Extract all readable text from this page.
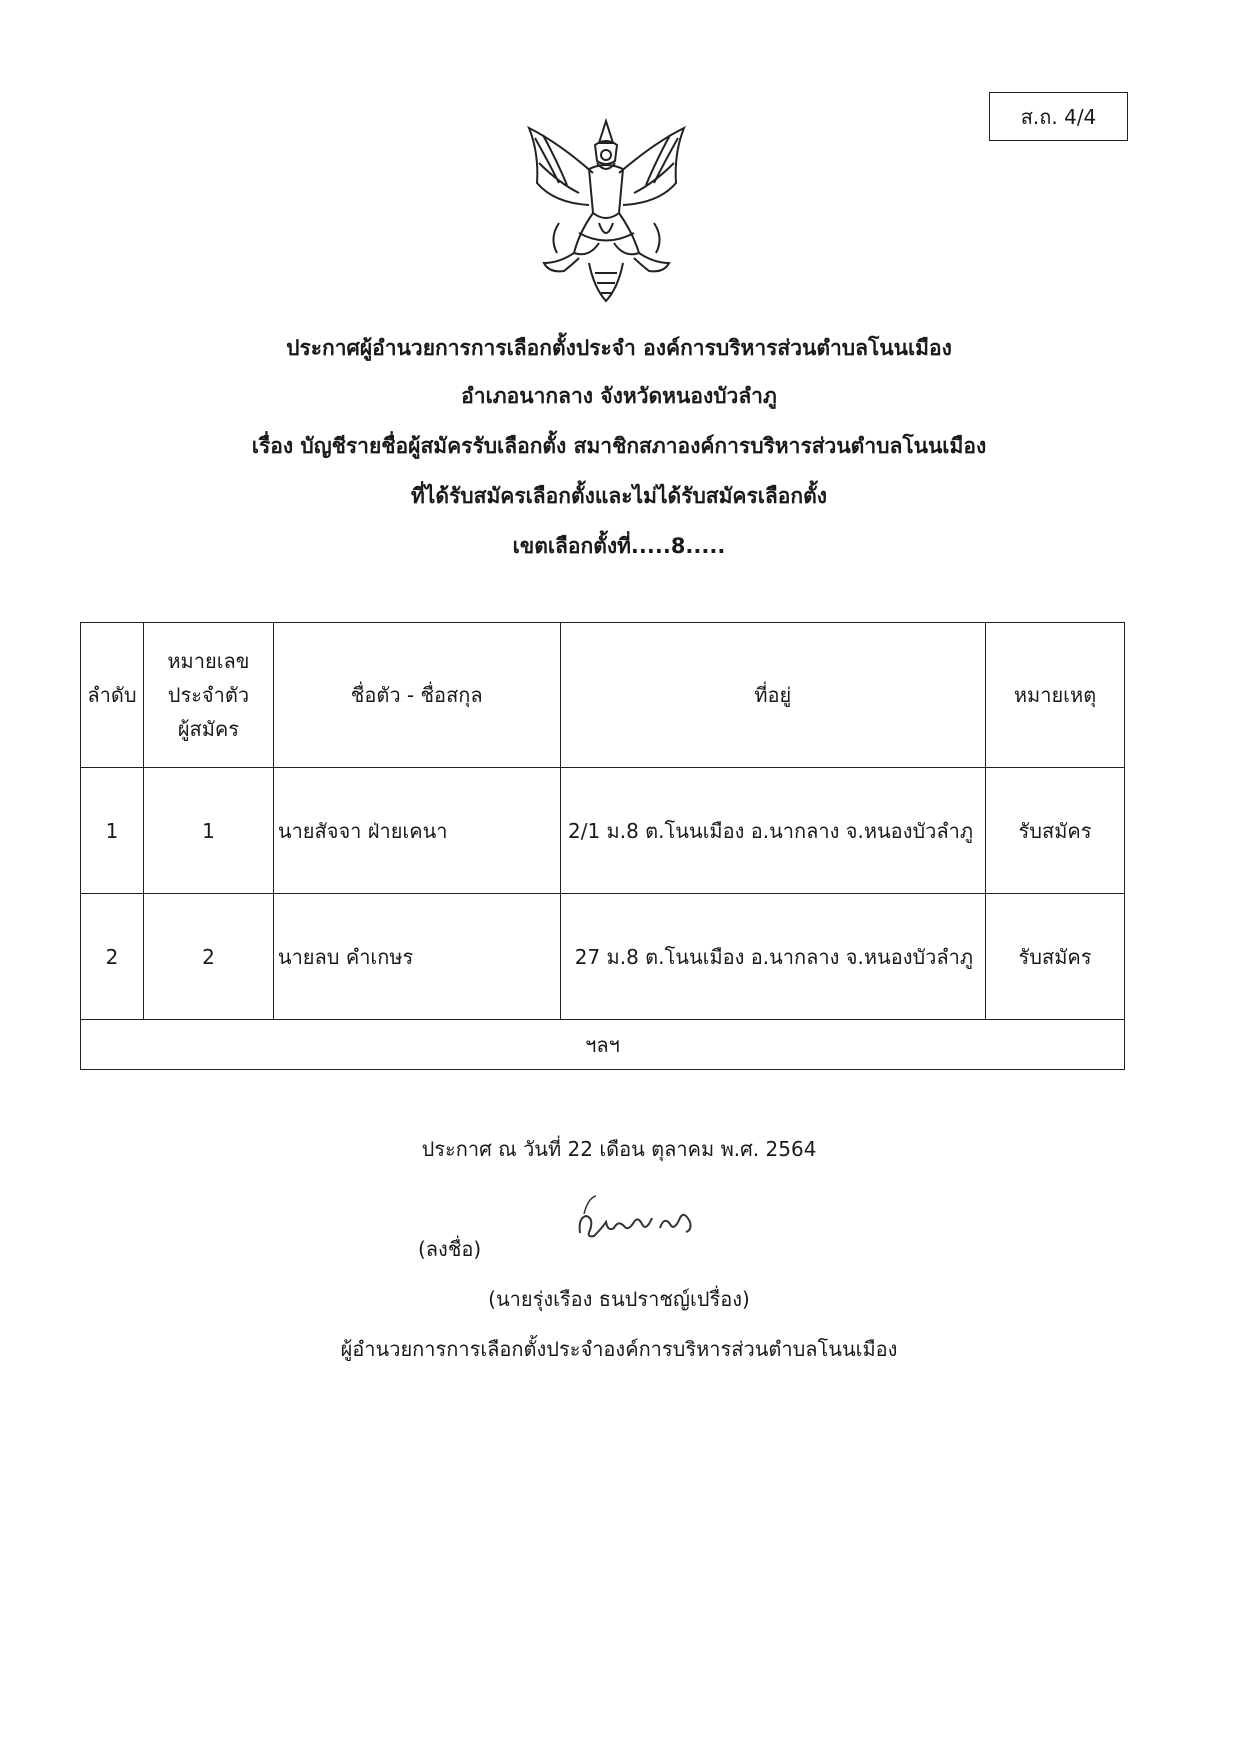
ส.ถ. 4/4
ประกาศผู้อำนวยการการเลือกตั้งประจำ องค์การบริหารส่วนตำบลโนนเมือง
อำเภอนากลาง จังหวัดหนองบัวลำภู
เรื่อง บัญชีรายชื่อผู้สมัครรับเลือกตั้ง สมาชิกสภาองค์การบริหารส่วนตำบลโนนเมือง
ที่ได้รับสมัครเลือกตั้งและไม่ได้รับสมัครเลือกตั้ง
เขตเลือกตั้งที่.....8.....
ลำดับ	หมายเลข
ประจำตัว
ผู้สมัคร	ชื่อตัว - ชื่อสกุล	ที่อยู่	หมายเหตุ
1	1	นายสัจจา ฝ่ายเคนา	2/1 ม.8 ต.โนนเมือง อ.นากลาง จ.หนองบัวลำภู	รับสมัคร
2	2	นายลบ คำเกษร	27 ม.8 ต.โนนเมือง อ.นากลาง จ.หนองบัวลำภู	รับสมัคร
ฯลฯ				
ประกาศ ณ วันที่ 22 เดือน ตุลาคม พ.ศ. 2564
(ลงชื่อ)
(นายรุ่งเรือง ธนปราชญ์เปรื่อง)
ผู้อำนวยการการเลือกตั้งประจำองค์การบริหารส่วนตำบลโนนเมือง
